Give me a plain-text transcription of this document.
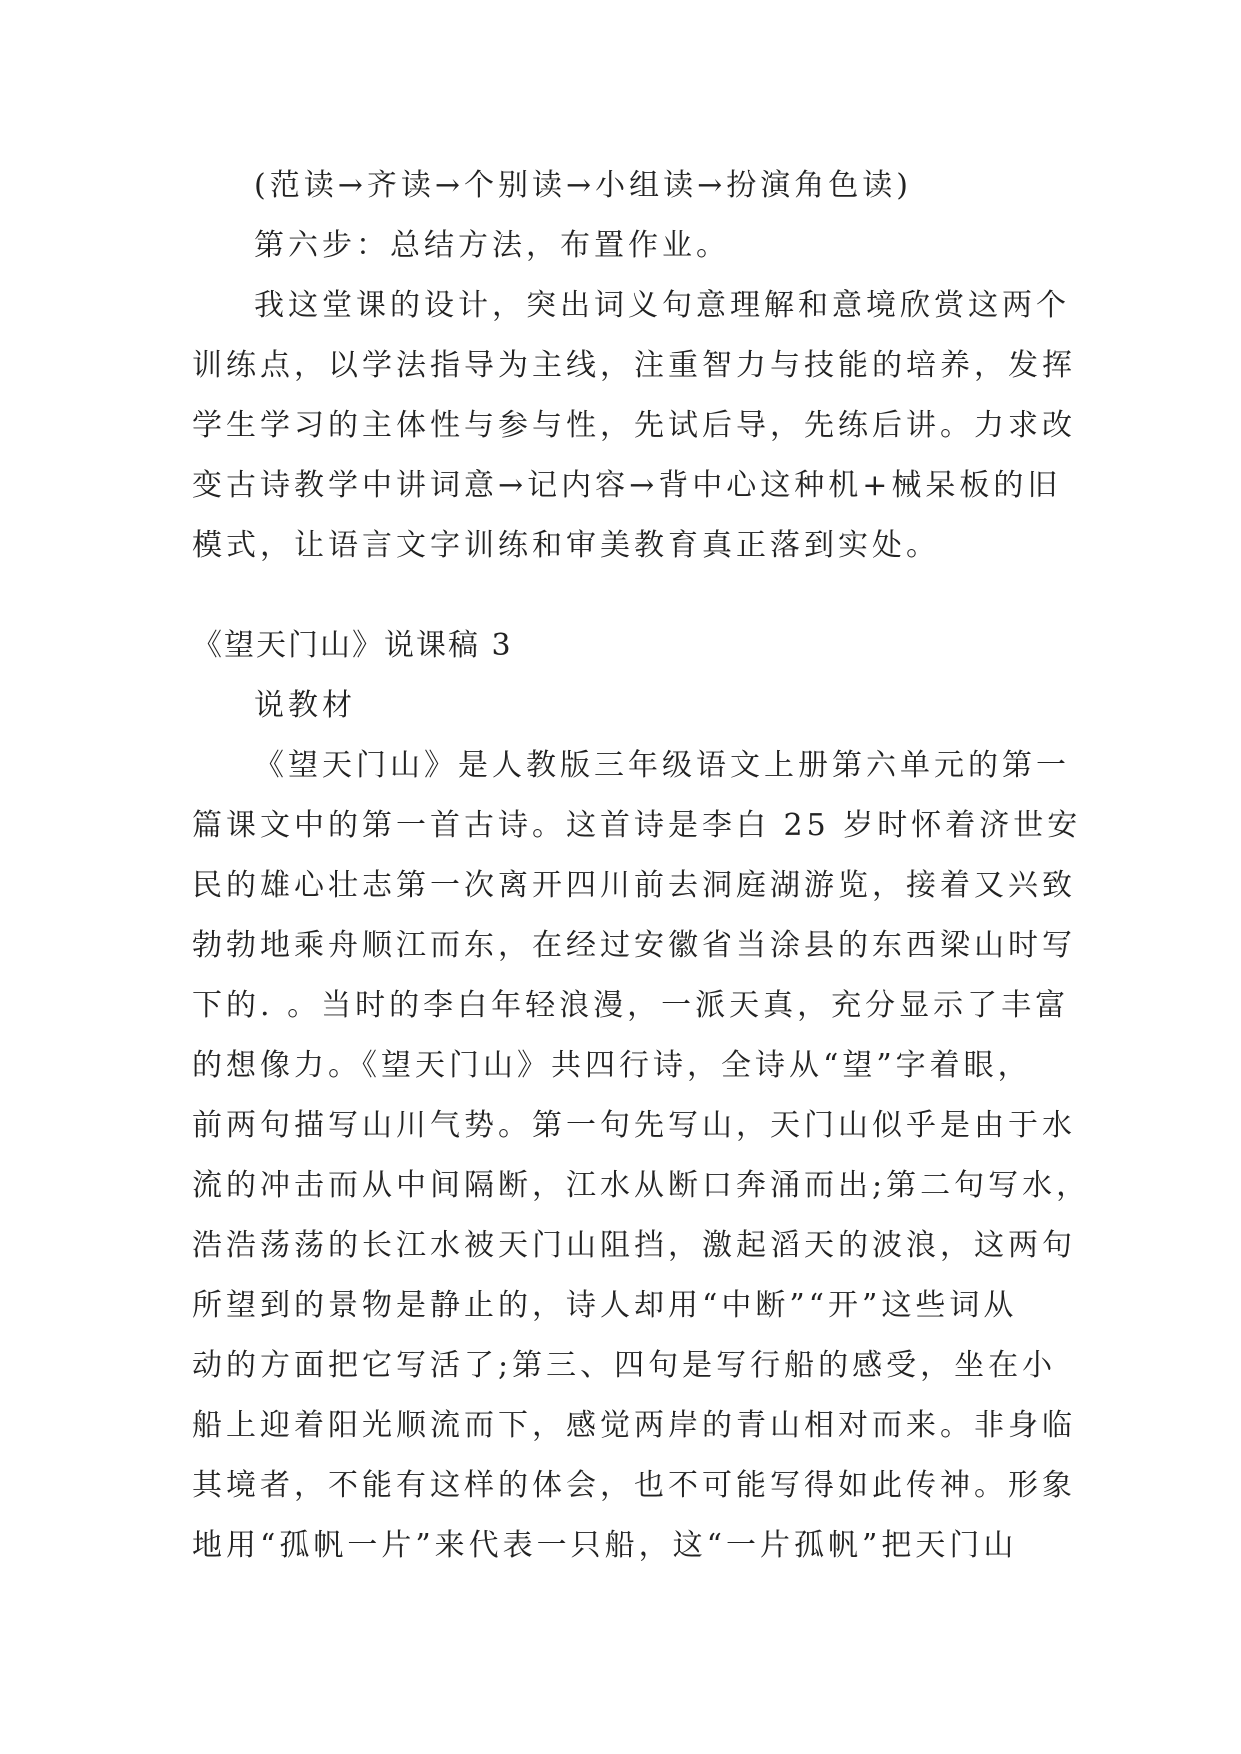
(范读→齐读→个别读→小组读→扮演角色读)
第六步：总结方法，布置作业。
我这堂课的设计，突出词义句意理解和意境欣赏这两个
训练点，以学法指导为主线，注重智力与技能的培养，发挥
学生学习的主体性与参与性，先试后导，先练后讲。力求改
变古诗教学中讲词意→记内容→背中心这种机+械呆板的旧
模式，让语言文字训练和审美教育真正落到实处。
《望天门山》说课稿 3
说教材
《望天门山》是人教版三年级语文上册第六单元的第一
篇课文中的第一首古诗。这首诗是李白 25 岁时怀着济世安
民的雄心壮志第一次离开四川前去洞庭湖游览，接着又兴致
勃勃地乘舟顺江而东，在经过安徽省当涂县的东西梁山时写
下的. 。当时的李白年轻浪漫，一派天真，充分显示了丰富
的想像力。《望天门山》共四行诗，全诗从“望”字着眼，
前两句描写山川气势。第一句先写山，天门山似乎是由于水
流的冲击而从中间隔断，江水从断口奔涌而出;第二句写水，
浩浩荡荡的长江水被天门山阻挡，激起滔天的波浪，这两句
所望到的景物是静止的，诗人却用“中断”“开”这些词从
动的方面把它写活了;第三、四句是写行船的感受，坐在小
船上迎着阳光顺流而下，感觉两岸的青山相对而来。非身临
其境者，不能有这样的体会，也不可能写得如此传神。形象
地用“孤帆一片”来代表一只船，这“一片孤帆”把天门山
